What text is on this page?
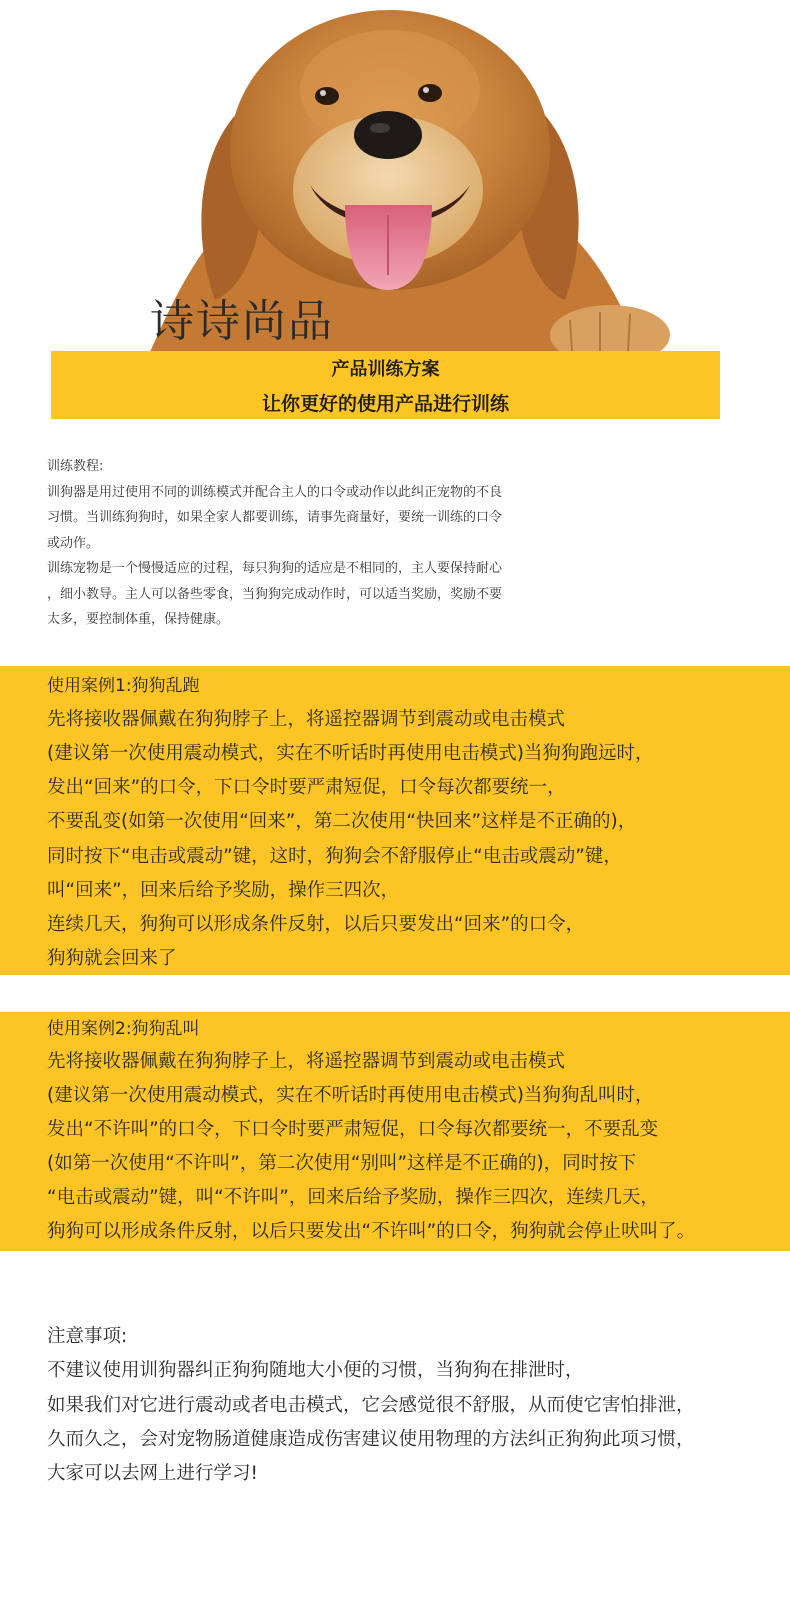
诗诗尚品
产品训练方案
让你更好的使用产品进行训练

训练教程:

训狗器是用过使用不同的训练模式并配合主人的口令或动作以此纠正宠物的不良

习惯。当训练狗狗时，如果全家人都要训练，请事先商量好，要统一训练的口令

或动作。

训练宠物是一个慢慢适应的过程，每只狗狗的适应是不相同的，主人要保持耐心

，细小教导。主人可以备些零食，当狗狗完成动作时，可以适当奖励，奖励不要

太多，要控制体重，保持健康。

使用案例1:狗狗乱跑
先将接收器佩戴在狗狗脖子上，将遥控器调节到震动或电击模式
(建议第一次使用震动模式，实在不听话时再使用电击模式)当狗狗跑远时，
发出“回来”的口令，下口令时要严肃短促，口令每次都要统一，
不要乱变(如第一次使用“回来”，第二次使用“快回来”这样是不正确的)，
同时按下“电击或震动”键，这时，狗狗会不舒服停止“电击或震动”键，
叫“回来”，回来后给予奖励，操作三四次，
连续几天，狗狗可以形成条件反射，以后只要发出“回来”的口令，
狗狗就会回来了
使用案例2:狗狗乱叫
先将接收器佩戴在狗狗脖子上，将遥控器调节到震动或电击模式
(建议第一次使用震动模式，实在不听话时再使用电击模式)当狗狗乱叫时，
发出“不许叫”的口令，下口令时要严肃短促，口令每次都要统一，不要乱变
(如第一次使用“不许叫”，第二次使用“别叫”这样是不正确的)，同时按下
“电击或震动”键，叫“不许叫”，回来后给予奖励，操作三四次，连续几天，
狗狗可以形成条件反射，以后只要发出“不许叫”的口令，狗狗就会停止吠叫了。
注意事项:
不建议使用训狗器纠正狗狗随地大小便的习惯，当狗狗在排泄时，
如果我们对它进行震动或者电击模式，它会感觉很不舒服，从而使它害怕排泄，
久而久之，会对宠物肠道健康造成伤害建议使用物理的方法纠正狗狗此项习惯，
大家可以去网上进行学习!
